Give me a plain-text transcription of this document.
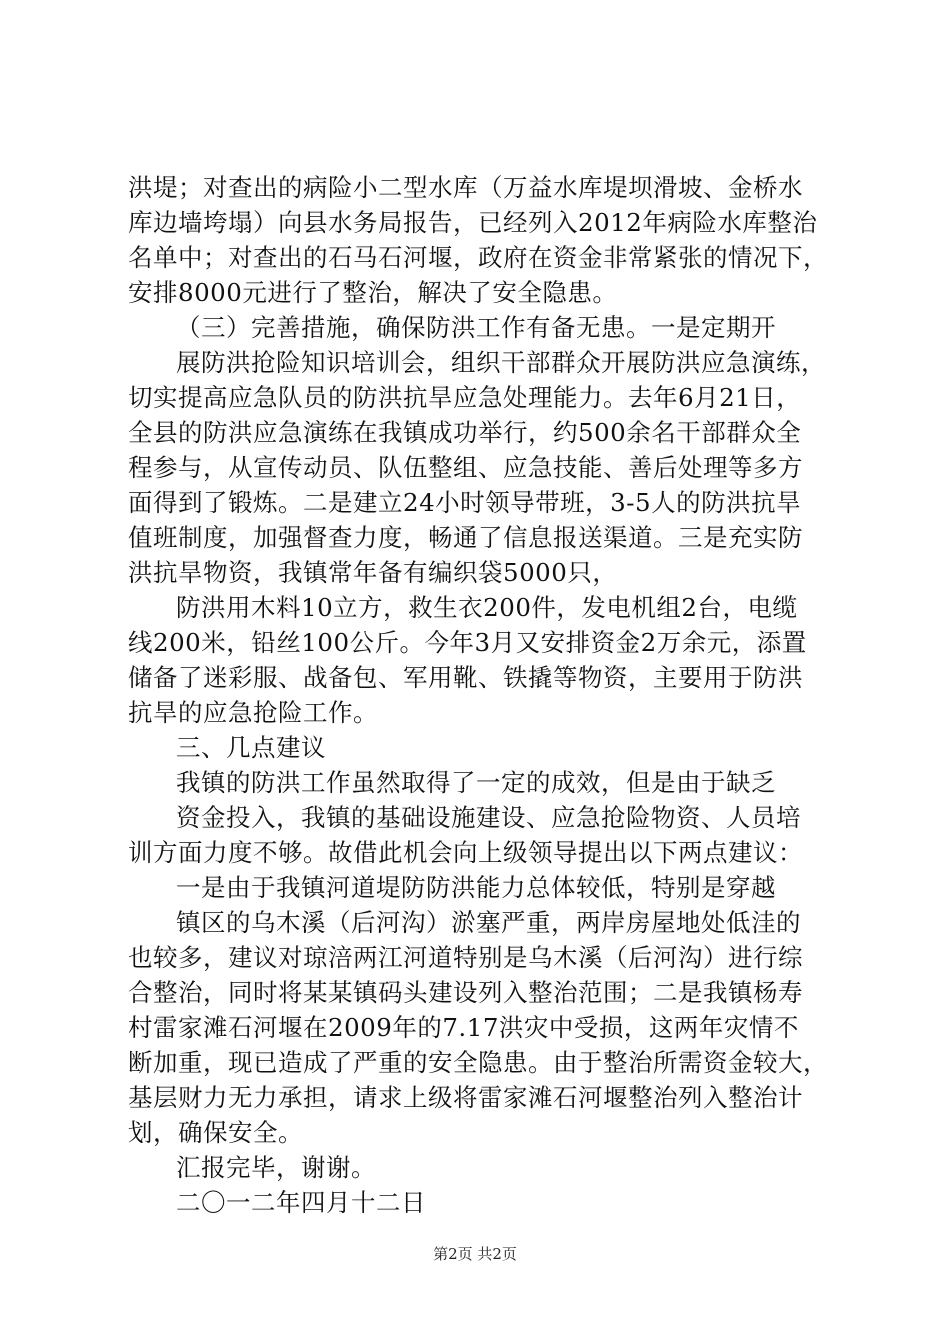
洪堤；对查出的病险小二型水库（万益水库堤坝滑坡、金桥水
库边墙垮塌）向县水务局报告，已经列入2012年病险水库整治
名单中；对查出的石马石河堰，政府在资金非常紧张的情况下，
安排8000元进行了整治，解决了安全隐患。
（三）完善措施，确保防洪工作有备无患。一是定期开
展防洪抢险知识培训会，组织干部群众开展防洪应急演练，
切实提高应急队员的防洪抗旱应急处理能力。去年6月21日，
全县的防洪应急演练在我镇成功举行，约500余名干部群众全
程参与，从宣传动员、队伍整组、应急技能、善后处理等多方
面得到了锻炼。二是建立24小时领导带班，3-5人的防洪抗旱
值班制度，加强督查力度，畅通了信息报送渠道。三是充实防
洪抗旱物资，我镇常年备有编织袋5000只，
防洪用木料10立方，救生衣200件，发电机组2台，电缆
线200米，铅丝100公斤。今年3月又安排资金2万余元，添置
储备了迷彩服、战备包、军用靴、铁撬等物资，主要用于防洪
抗旱的应急抢险工作。
三、几点建议
我镇的防洪工作虽然取得了一定的成效，但是由于缺乏
资金投入，我镇的基础设施建设、应急抢险物资、人员培
训方面力度不够。故借此机会向上级领导提出以下两点建议：
一是由于我镇河道堤防防洪能力总体较低，特别是穿越
镇区的乌木溪（后河沟）淤塞严重，两岸房屋地处低洼的
也较多，建议对琼涪两江河道特别是乌木溪（后河沟）进行综
合整治，同时将某某镇码头建设列入整治范围；二是我镇杨寿
村雷家滩石河堰在2009年的7.17洪灾中受损，这两年灾情不
断加重，现已造成了严重的安全隐患。由于整治所需资金较大，
基层财力无力承担，请求上级将雷家滩石河堰整治列入整治计
划，确保安全。
汇报完毕，谢谢。
二〇一二年四月十二日
第2页 共2页
